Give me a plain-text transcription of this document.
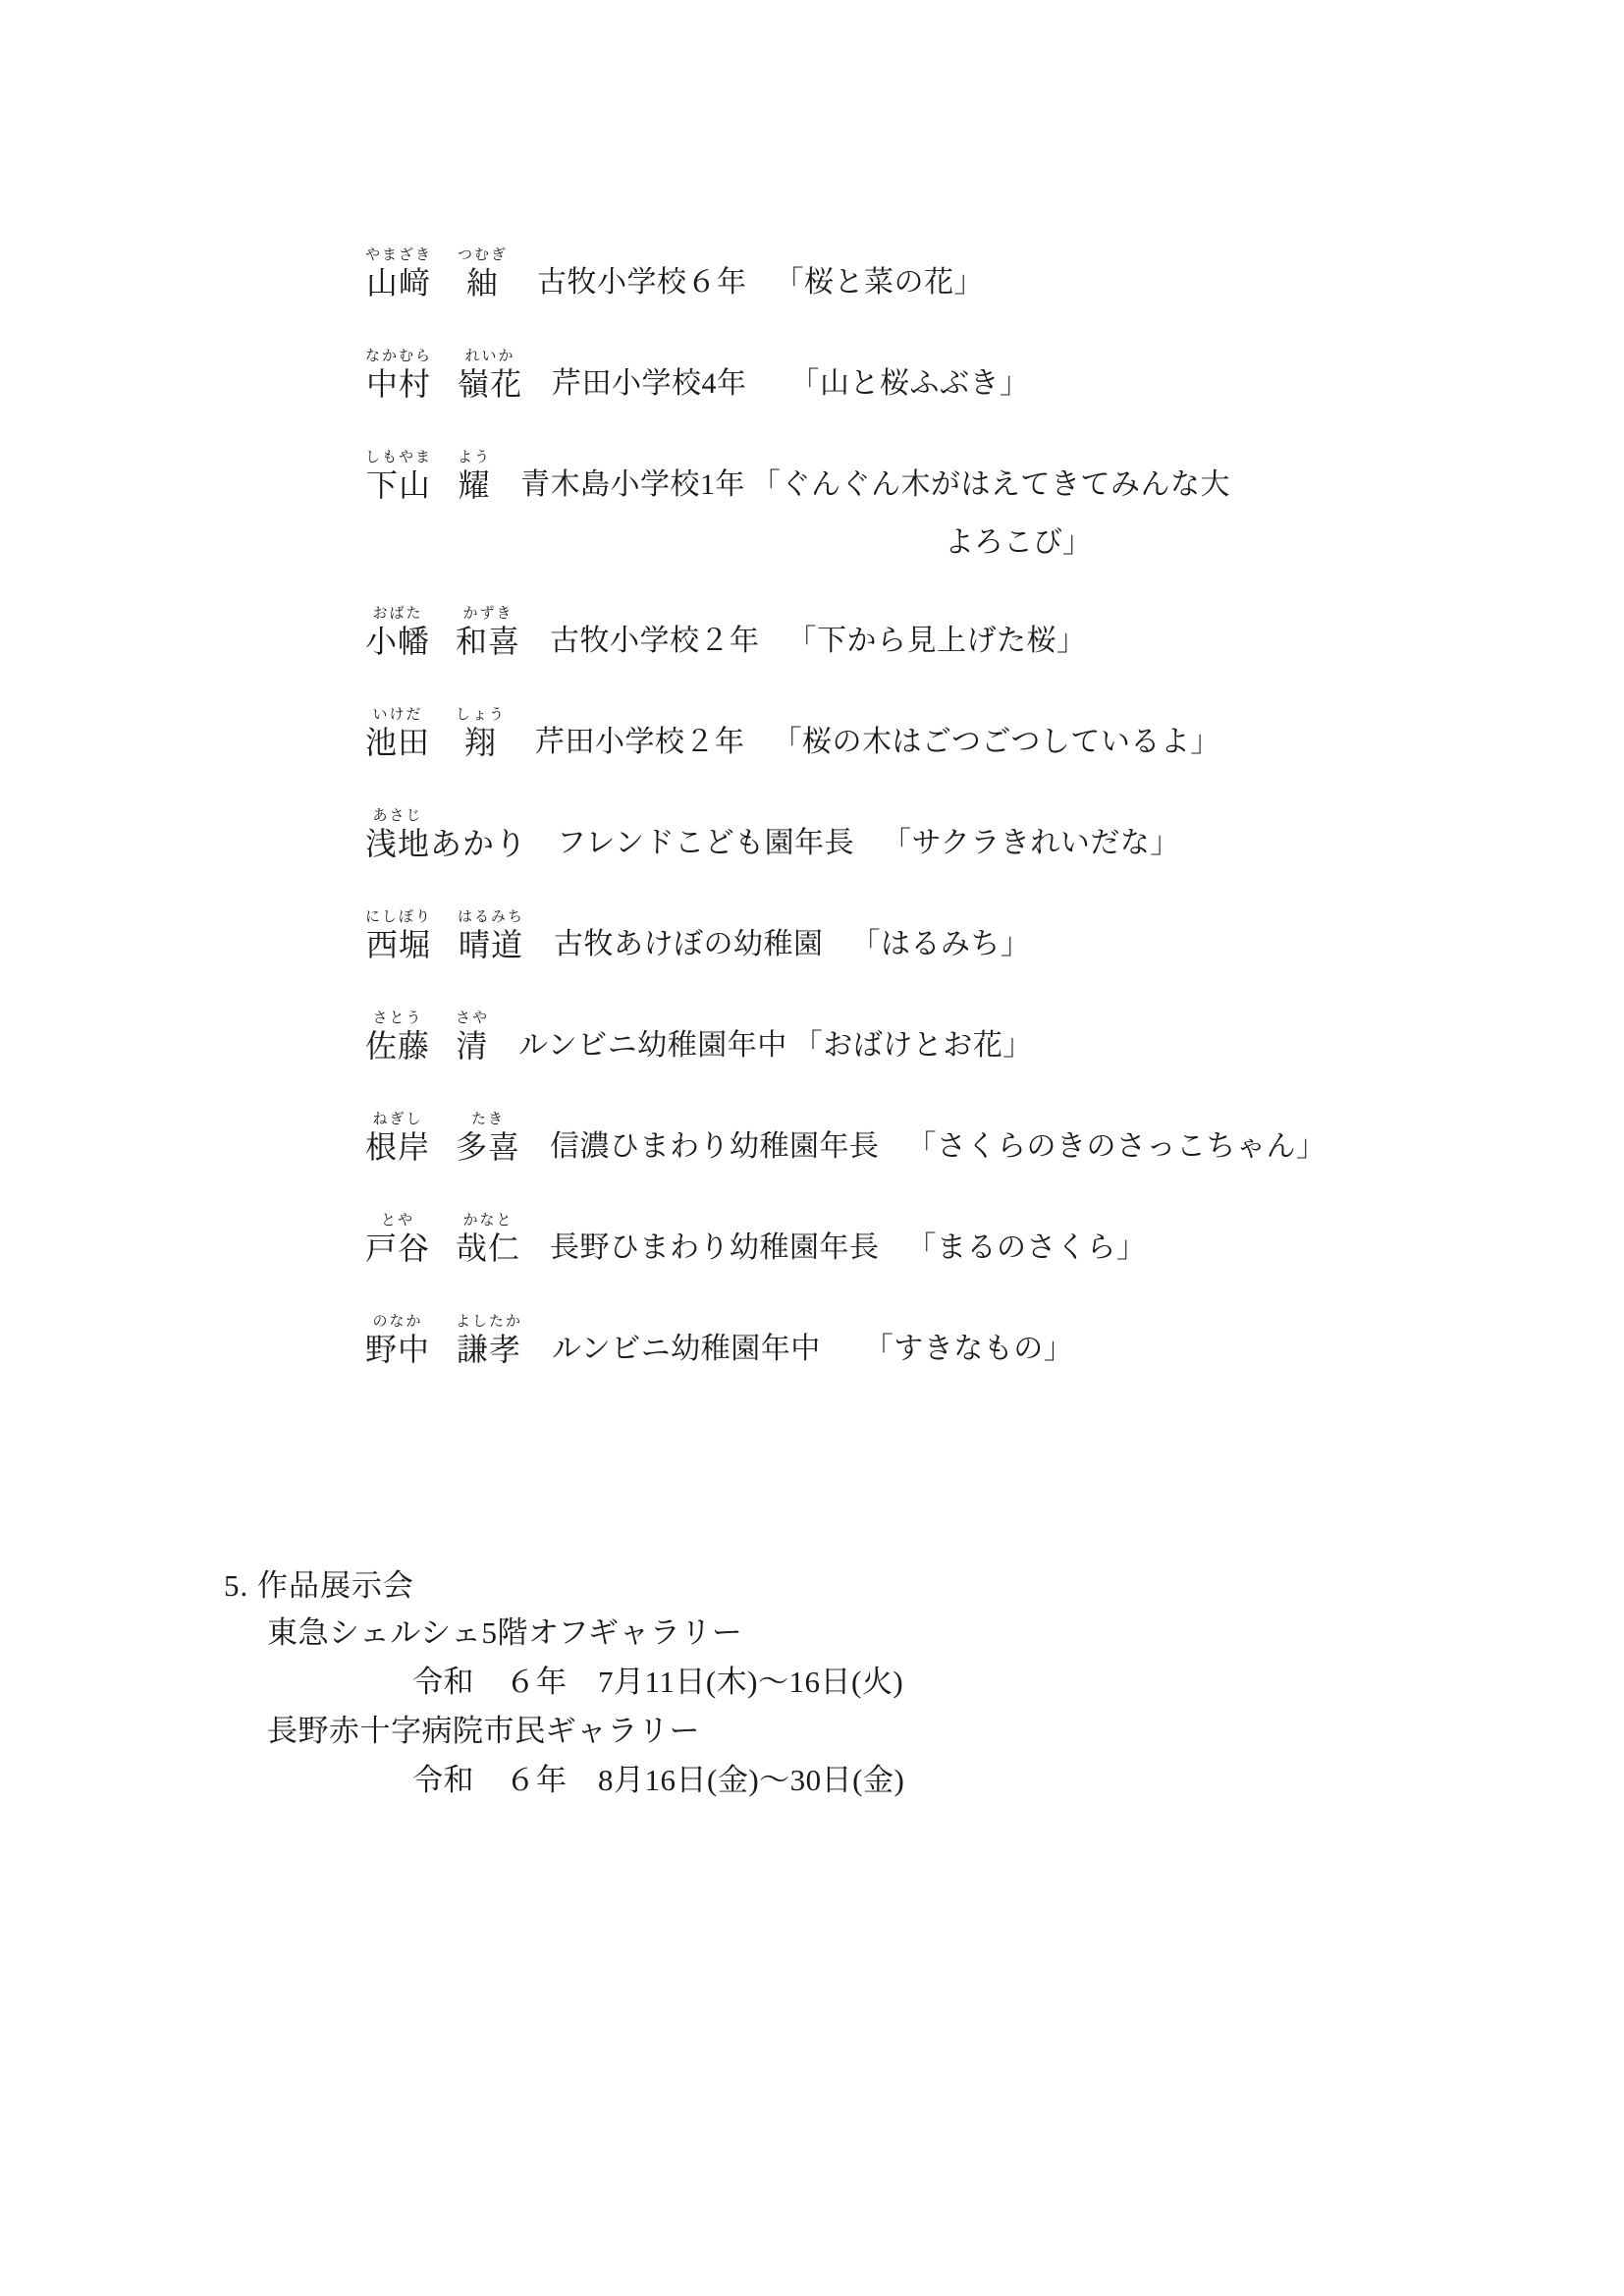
やまざき
山﨑
つむぎ
紬 古牧小学校６年 「桜と菜の花」
なかむら
中村
れいか
嶺花 芹田小学校4年 「山と桜ふぶき」
しもやま
下山
よう
耀 青木島小学校1年 「ぐんぐん木がはえてきてみんな大
よろこび」
おばた
小幡
かずき
和喜 古牧小学校２年 「下から見上げた桜」
いけだ
池田
しょう
翔 芹田小学校２年 「桜の木はごつごつしているよ」
あさじ
浅地 あかり フレンドこども園年長 「サクラきれいだな」
にしぼり
西堀
はるみち
晴道 古牧あけぼの幼稚園 「はるみち」
さとう
佐藤
さや
清 ルンビニ幼稚園年中 「おばけとお花」
ねぎし
根岸
たき
多喜 信濃ひまわり幼稚園年長 「さくらのきのさっこちゃん」
とや
戸谷
かなと
哉仁 長野ひまわり幼稚園年長 「まるのさくら」
のなか
野中
よしたか
謙孝 ルンビニ幼稚園年中 「すきなもの」
5. 作品展示会
東急シェルシェ5階オフギャラリー
令和　６年　7月11日(木)～16日(火)
長野赤十字病院市民ギャラリー
令和　６年　8月16日(金)～30日(金)
